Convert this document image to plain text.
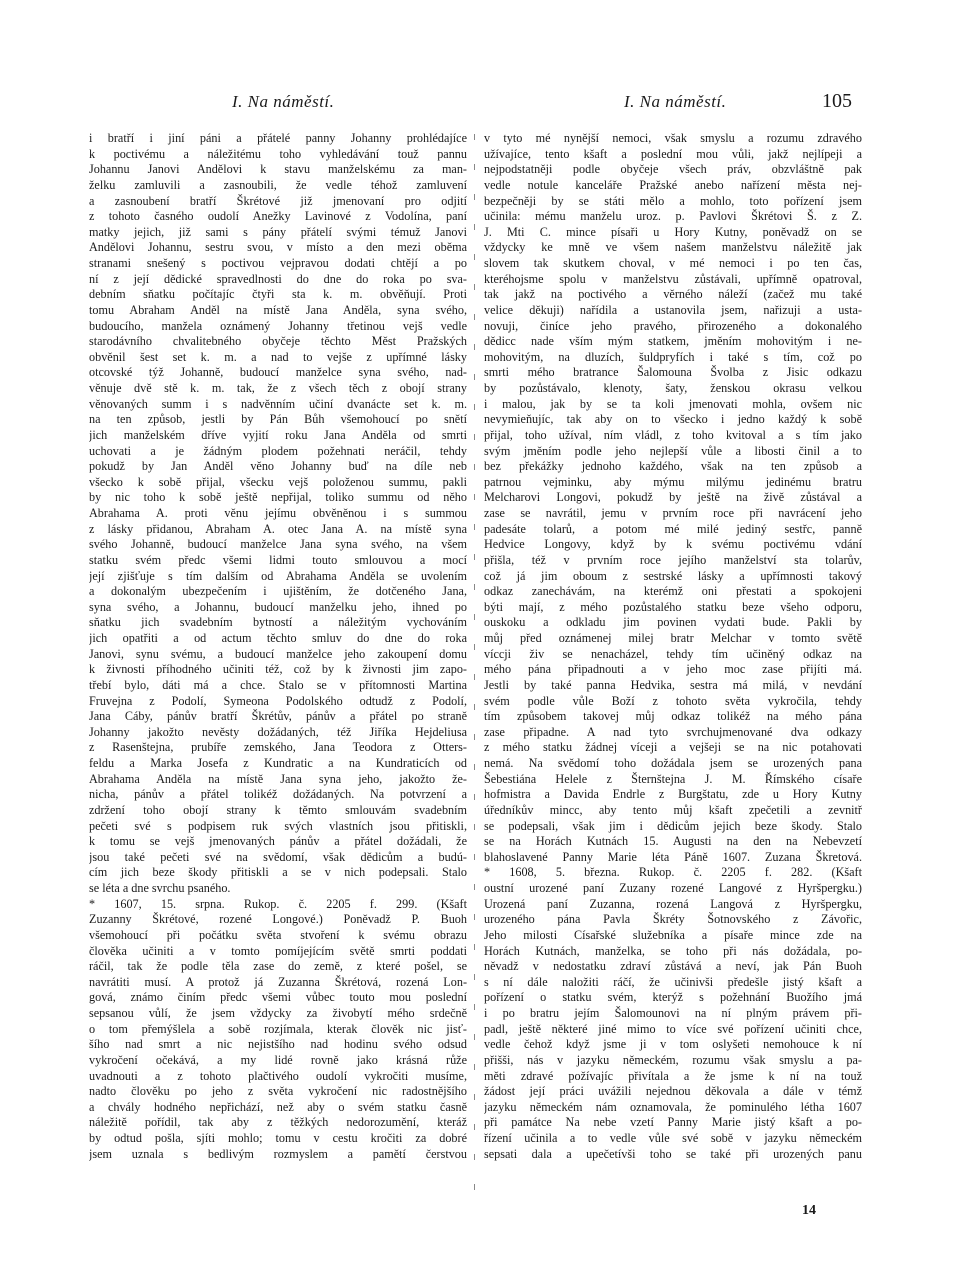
I. Na náměstí.	I. Na náměstí.	105
i bratří i jiní páni a přátelé panny Johanny prohlédajíce
k poctivému a náležitému toho vyhledávání touž pannu
Johannu Janovi Andělovi k stavu manželskému za man-
želku zamluvili a zasnoubili, že vedle téhož zamluvení
a zasnoubení bratří Škrétové již jmenovaní pro odjití
z tohoto časného oudolí Anežky Lavinové z Vodolína, paní
matky jejich, již sami s pány přátelí svými témuž Janovi
Andělovi Johannu, sestru svou, v místo a den mezi oběma
stranami snešený s poctivou vejpravou dodati chtějí a po
ní z její dědické spravedlnosti do dne do roka po sva-
debním sňatku počítajíc čtyři sta k. m. obvěňují. Proti
tomu Abraham Anděl na místě Jana Anděla, syna svého,
budoucího, manžela oznámený Johanny třetinou vejš vedle
starodávního chvalitebného obyčeje těchto Měst Pražských
obvěnil šest set k. m. a nad to vejše z upřímné lásky
otcovské týž Johanně, budoucí manželce syna svého, nad-
věnuje dvě stě k. m. tak, že z všech těch z obojí strany
věnovaných summ i s nadvěnním učiní dvanácte set k. m.
na ten způsob, jestli by Pán Bůh všemohoucí po snětí
jich manželském dříve vyjití roku Jana Anděla od smrti
uchovati a je žádným plodem požehnati neráčil, tehdy
pokudž by Jan Anděl věno Johanny buď na díle neb
všecko k sobě přijal, všecku vejš položenou summu, pakli
by nic toho k sobě ještě nepřijal, toliko summu od něho
Abrahama A. proti věnu jejímu obvěněnou i s summou
z lásky přidanou, Abraham A. otec Jana A. na místě syna
svého Johanně, budoucí manželce Jana syna svého, na všem
statku svém předc všemi lidmi touto smlouvou a mocí
její zjišťuje s tím dalším od Abrahama Anděla se uvolením
a dokonalým ubezpečením i ujištěním, že dotčeného Jana,
syna svého, a Johannu, budoucí manželku jeho, ihned po
sňatku jich svadebním bytností a náležitým vychováním
jich opatřiti a od actum těchto smluv do dne do roka
Janovi, synu svému, a budoucí manželce jeho zakoupení domu
k živnosti příhodného učiniti též, což by k živnosti jim zapo-
třebí bylo, dáti má a chce. Stalo se v přítomnosti Martina
Fruvejna z Podolí, Symeona Podolského odtudž z Podolí,
Jana Cáby, pánův bratří Škrétův, pánův a přátel po straně
Johanny jakožto nevěsty dožádaných, též Jiříka Hejdeliusa
z Rasenštejna, prubíře zemského, Jana Teodora z Otters-
feldu a Marka Josefa z Kundratic a na Kundraticích od
Abrahama Anděla na místě Jana syna jeho, jakožto že-
nicha, pánův a přátel tolikéž dožádaných. Na potvrzení a
zdržení toho obojí strany k těmto smlouvám svadebním
pečeti své s podpisem ruk svých vlastních jsou přitiskli,
k tomu se vejš jmenovaných pánův a přátel dožádali, že
jsou také pečeti své na svědomí, však dědicům a budú-
cím jich beze škody přitiskli a se v nich podepsali. Stalo
se léta a dne svrchu psaného.
* 1607, 15. srpna. Rukop. č. 2205 f. 299. (Kšaft
Zuzanny Škrétové, rozené Longové.) Poněvadž P. Buoh
všemohoucí při počátku světa stvoření k svému obrazu
člověka učiniti a v tomto pomíjejícím světě smrti poddati
ráčil, tak že podle těla zase do země, z které pošel, se
navrátiti musí. A protož já Zuzanna Škrétová, rozená Lon-
gová, známo činím předc všemi vůbec touto mou poslední
sepsanou vůlí, že jsem vždycky za živobytí mého srdečně
o tom přemýšlela a sobě rozjímala, kterak člověk nic jisť-
šího nad smrt a nic nejistšího nad hodinu svého odsud
vykročení očekává, a my lidé rovně jako krásná růže
uvadnouti a z tohoto plačtivého oudolí vykročiti musíme,
nadto člověku po jeho z světa vykročení nic radostnějšího
a chvály hodného nepřichází, než aby o svém statku časně
náležitě pořídil, tak aby z těžkých nedorozumění, kteráž
by odtud pošla, sjíti mohlo; tomu v cestu kročiti za dobré
jsem uznala s bedlivým rozmyslem a pamětí čerstvou
v tyto mé nynější nemoci, však smyslu a rozumu zdravého
užívajíce, tento kšaft a poslední mou vůli, jakž nejlípeji a
nejpodstatněji podle obyčeje všech práv, obzvláštně pak
vedle notule kanceláře Pražské anebo nařízení města nej-
bezpečněji by se státi mělo a mohlo, toto pořízení jsem
učinila: mému manželu uroz. p. Pavlovi Škrétovi Š. z Z.
J. Mti C. mince písaři u Hory Kutny, poněvadž on se
vždycky ke mně ve všem našem manželstvu náležitě jak
slovem tak skutkem choval, v mé nemoci i po ten čas,
kteréhojsme spolu v manželstvu zůstávali, upřímně opatroval,
tak jakž na poctivého a věrného náleží (začež mu také
velice děkuji) nařídila a ustanovila jsem, nařizuji a usta-
novuji, činíce jeho pravého, přirozeného a dokonalého
dědicc nade vším mým statkem, jměním mohovitým i ne-
mohovitým, na dluzích, šuldpryfích i také s tím, což po
smrti mého bratrance Šalomouna Švolba z Jisic odkazu
by pozůstávalo, klenoty, šaty, ženskou okrasu velkou
i malou, jak by se ta koli jmenovati mohla, ovšem nic
nevymieňujíc, tak aby on to všecko i jedno každý k sobě
přijal, toho užíval, ním vládl, z toho kvitoval a s tím jako
svým jměním podle jeho nejlepší vůle a libosti činil a to
bez překážky jednoho každého, však na ten způsob a
patrnou vejminku, aby mýmu milýmu jedinému bratru
Melcharovi Longovi, pokudž by ještě na živě zůstával a
zase se navrátil, jemu v prvním roce při navrácení jeho
padesáte tolarů, a potom mé milé jediný sestřc, panně
Hedvice Longovy, když by k svému poctivému vdání
přišla, též v prvním roce jejího manželství sta tolarův,
což já jim oboum z sestrské lásky a upřímnosti takový
odkaz zanechávám, na kterémž oni přestati a spokojeni
býti mají, z mého pozůstalého statku beze všeho odporu,
ouskoku a odkladu jim povinen vydati bude. Pakli by
můj před oznámenej milej bratr Melchar v tomto světě
víccji živ se nenacházel, tehdy tím učiněný odkaz na
mého pána připadnouti a v jeho moc zase přijíti má.
Jestli by také panna Hedvika, sestra má milá, v nevdání
svém podle vůle Boží z tohoto světa vykročila, tehdy
tím způsobem takovej můj odkaz tolikéž na mého pána
zase připadne. A nad tyto svrchujmenované dva odkazy
z mého statku žádnej víceji a vejšeji se na nic potahovati
nemá. Na svědomí toho dožádala jsem se urozených pana
Šebestiána Helele z Šternštejna J. M. Římského císaře
hofmistra a Davida Endrle z Burgštatu, zde u Hory Kutny
úředníkův mincc, aby tento můj kšaft zpečetili a zevnitř
se podepsali, však jim i dědicům jejich beze škody. Stalo
se na Horách Kutnách 15. Augusti na den na Nebevzetí
blahoslavené Panny Marie léta Páně 1607. Zuzana Škretová.
* 1608, 5. března. Rukop. č. 2205 f. 282. (Kšaft
oustní urozené paní Zuzany rozené Langové z Hyršpergku.)
Urozená paní Zuzanna, rozená Langová z Hyršpergku,
urozeného pána Pavla Škréty Šotnovského z Závořic,
Jeho milosti Císařské služebníka a písaře mince zde na
Horách Kutnách, manželka, se toho při nás dožádala, po-
něvadž v nedostatku zdraví zůstává a neví, jak Pán Buoh
s ní dále naložiti ráčí, že učinivši předešle jistý kšaft a
pořízení o statku svém, kterýž s požehnání Buožího jmá
i po bratru jejím Šalomounovi na ní plným právem při-
padl, ještě některé jiné mimo to více své pořízení učiniti chce,
vedle čehož když jsme ji v tom oslyšeti nemohouce k ní
přišši, nás v jazyku německém, rozumu však smyslu a pa-
měti zdravé požívajíc přivítala a že jsme k ní na touž
žádost její práci uvážili nejednou děkovala a dále v témž
jazyku německém nám oznamovala, že pominulého létha 1607
při památce Na nebe vzetí Panny Marie jistý kšaft a po-
řízení učinila a to vedle vůle své sobě v jazyku německém
sepsati dala a upečetívši toho se také při urozených panu
14
